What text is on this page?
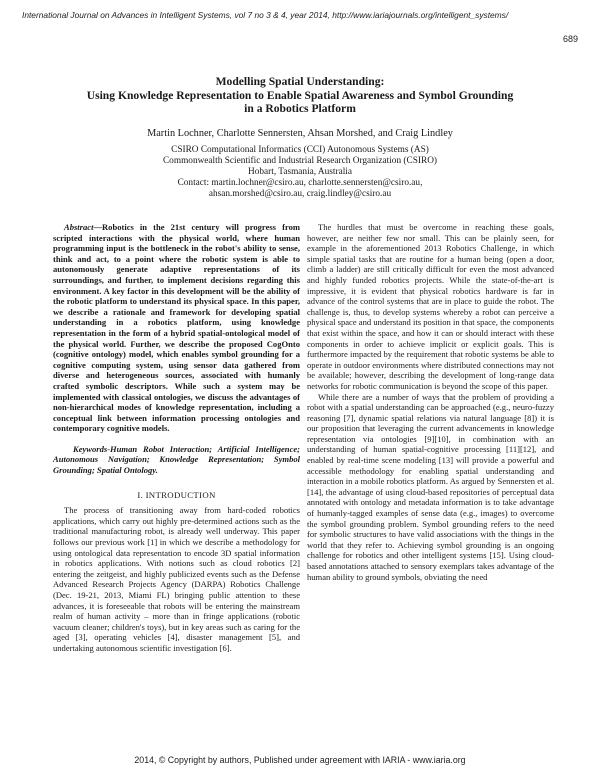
International Journal on Advances in Intelligent Systems, vol 7 no 3 & 4, year 2014, http://www.iariajournals.org/intelligent_systems/
689
Modelling Spatial Understanding:
Using Knowledge Representation to Enable Spatial Awareness and Symbol Grounding
in a Robotics Platform
Martin Lochner, Charlotte Sennersten, Ahsan Morshed, and Craig Lindley
CSIRO Computational Informatics (CCI) Autonomous Systems (AS)
Commonwealth Scientific and Industrial Research Organization (CSIRO)
Hobart, Tasmania, Australia
Contact: martin.lochner@csiro.au, charlotte.sennersten@csiro.au,
ahsan.morshed@csiro.au, craig.lindley@csiro.au

Abstract—Robotics in the 21st century will progress from scripted interactions with the physical world, where human programming input is the bottleneck in the robot's ability to sense, think and act, to a point where the robotic system is able to autonomously generate adaptive representations of its surroundings, and further, to implement decisions regarding this environment. A key factor in this development will be the ability of the robotic platform to understand its physical space. In this paper, we describe a rationale and framework for developing spatial understanding in a robotics platform, using knowledge representation in the form of a hybrid spatial-ontological model of the physical world. Further, we describe the proposed CogOnto (cognitive ontology) model, which enables symbol grounding for a cognitive computing system, using sensor data gathered from diverse and heterogeneous sources, associated with humanly crafted symbolic descriptors. While such a system may be implemented with classical ontologies, we discuss the advantages of non-hierarchical modes of knowledge representation, including a conceptual link between information processing ontologies and contemporary cognitive models.

Keywords-Human Robot Interaction; Artificial Intelligence; Autonomous Navigation; Knowledge Representation; Symbol Grounding; Spatial Ontology.

I. INTRODUCTION

The process of transitioning away from hard-coded robotics applications, which carry out highly pre-determined actions such as the traditional manufacturing robot, is already well underway. This paper follows our previous work [1] in which we describe a methodology for using ontological data representation to encode 3D spatial information in robotics applications. With notions such as cloud robotics [2] entering the zeitgeist, and highly publicized events such as the Defense Advanced Research Projects Agency (DARPA) Robotics Challenge (Dec. 19-21, 2013, Miami FL) bringing public attention to these advances, it is foreseeable that robots will be entering the mainstream realm of human activity – more than in fringe applications (robotic vacuum cleaner; children's toys), but in key areas such as caring for the aged [3], operating vehicles [4], disaster management [5], and undertaking autonomous scientific investigation [6].

The hurdles that must be overcome in reaching these goals, however, are neither few nor small. This can be plainly seen, for example in the aforementioned 2013 Robotics Challenge, in which simple spatial tasks that are routine for a human being (open a door, climb a ladder) are still critically difficult for even the most advanced and highly funded robotics projects. While the state-of-the-art is impressive, it is evident that physical robotics hardware is far in advance of the control systems that are in place to guide the robot. The challenge is, thus, to develop systems whereby a robot can perceive a physical space and understand its position in that space, the components that exist within the space, and how it can or should interact with these components in order to achieve implicit or explicit goals. This is furthermore impacted by the requirement that robotic systems be able to operate in outdoor environments where distributed connections may not be available; however, describing the development of long-range data networks for robotic communication is beyond the scope of this paper.

While there are a number of ways that the problem of providing a robot with a spatial understanding can be approached (e.g., neuro-fuzzy reasoning [7], dynamic spatial relations via natural language [8]) it is our proposition that leveraging the current advancements in knowledge representation via ontologies [9][10], in combination with an understanding of human spatial-cognitive processing [11][12], and enabled by real-time scene modeling [13] will provide a powerful and accessible methodology for enabling spatial understanding and interaction in a mobile robotics platform. As argued by Sennersten et al. [14], the advantage of using cloud-based repositories of perceptual data annotated with ontology and metadata information is to take advantage of humanly-tagged examples of sense data (e.g., images) to overcome the symbol grounding problem. Symbol grounding refers to the need for symbolic structures to have valid associations with the things in the world that they refer to. Achieving symbol grounding is an ongoing challenge for robotics and other intelligent systems [15]. Using cloud-based annotations attached to sensory exemplars takes advantage of the human ability to ground symbols, obviating the need

2014, © Copyright by authors, Published under agreement with IARIA - www.iaria.org
